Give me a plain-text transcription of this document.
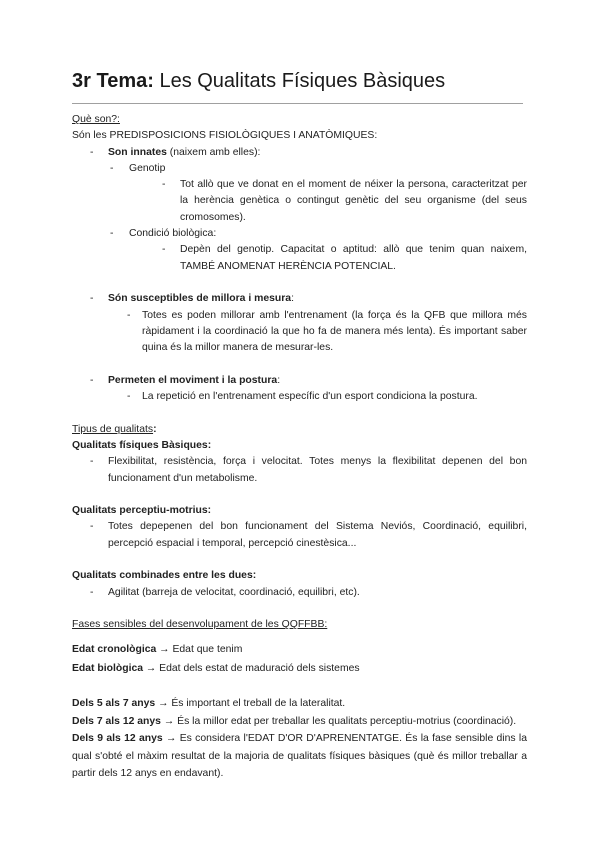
3r Tema: Les Qualitats Físiques Bàsiques

Què son?:

Són les PREDISPOSICIONS FISIOLÒGIQUES I ANATÒMIQUES:

- Son innates (naixem amb elles):
- Genotip
- Tot allò que ve donat en el moment de néixer la persona, caracteritzat per la herència genètica o contingut genètic del seu organisme (del seus cromosomes).
- Condició biològica:
- Depèn del genotip. Capacitat o aptitud: allò que tenim quan naixem, TAMBÉ ANOMENAT HERÈNCIA POTENCIAL.
- Són susceptibles de millora i mesura:
- Totes es poden millorar amb l'entrenament (la força és la QFB que millora més ràpidament i la coordinació la que ho fa de manera més lenta). És important saber quina és la millor manera de mesurar-les.
- Permeten el moviment i la postura:
- La repetició en l'entrenament específic d'un esport condiciona la postura.

Tipus de qualitats:

Qualitats físiques Bàsiques:

- Flexibilitat, resistència, força i velocitat. Totes menys la flexibilitat depenen del bon funcionament d'un metabolisme.

Qualitats perceptiu-motrius:

- Totes depepenen del bon funcionament del Sistema Neviós, Coordinació, equilibri, percepció espacial i temporal, percepció cinestèsica...

Qualitats combinades entre les dues:

- Agilitat (barreja de velocitat, coordinació, equilibri, etc).

Fases sensibles del desenvolupament de les QQFFBB:

Edat cronològica → Edat que tenim

Edat biològica → Edat dels estat de maduració dels sistemes

Dels 5 als 7 anys → És important el treball de la lateralitat.

Dels 7 als 12 anys → És la millor edat per treballar les qualitats perceptiu-motrius (coordinació).

Dels 9 als 12 anys → Es considera l'EDAT D'OR D'APRENENTATGE. És la fase sensible dins la qual s'obté el màxim resultat de la majoria de qualitats físiques bàsiques (què és millor treballar a partir dels 12 anys en endavant).
